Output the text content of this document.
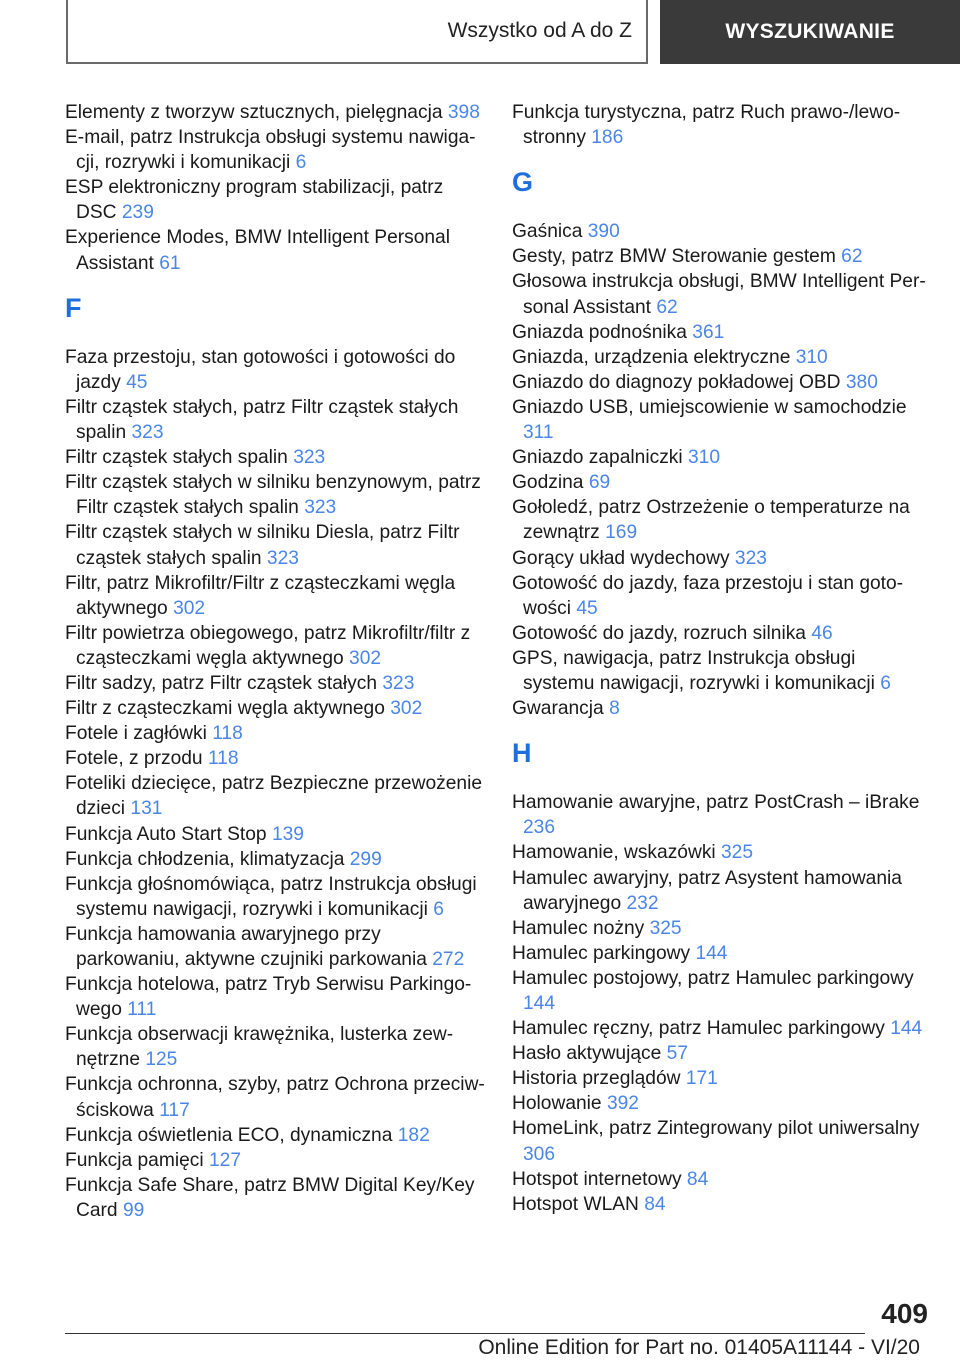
Wszystko od A do Z	WYSZUKIWANIE
Elementy z tworzyw sztucznych, pielęgnacja 398
E-mail, patrz Instrukcja obsługi systemu nawigacji, rozrywki i komunikacji 6
ESP elektroniczny program stabilizacji, patrz DSC 239
Experience Modes, BMW Intelligent Personal Assistant 61
F
Faza przestoju, stan gotowości i gotowości do jazdy 45
Filtr cząstek stałych, patrz Filtr cząstek stałych spalin 323
Filtr cząstek stałych spalin 323
Filtr cząstek stałych w silniku benzynowym, patrz Filtr cząstek stałych spalin 323
Filtr cząstek stałych w silniku Diesla, patrz Filtr cząstek stałych spalin 323
Filtr, patrz Mikrofiltr/Filtr z cząsteczkami węgla aktywnego 302
Filtr powietrza obiegowego, patrz Mikrofiltr/filtr z cząsteczkami węgla aktywnego 302
Filtr sadzy, patrz Filtr cząstek stałych 323
Filtr z cząsteczkami węgla aktywnego 302
Fotele i zagłówki 118
Fotele, z przodu 118
Foteliki dziecięce, patrz Bezpieczne przewożenie dzieci 131
Funkcja Auto Start Stop 139
Funkcja chłodzenia, klimatyzacja 299
Funkcja głośnomówiąca, patrz Instrukcja obsługi systemu nawigacji, rozrywki i komunikacji 6
Funkcja hamowania awaryjnego przy parkowaniu, aktywne czujniki parkowania 272
Funkcja hotelowa, patrz Tryb Serwisu Parkingowego 111
Funkcja obserwacji krawężnika, lusterka zewnętrzne 125
Funkcja ochronna, szyby, patrz Ochrona przeciwściskowa 117
Funkcja oświetlenia ECO, dynamiczna 182
Funkcja pamięci 127
Funkcja Safe Share, patrz BMW Digital Key/Key Card 99
Funkcja turystyczna, patrz Ruch prawo-/lewostronny 186
G
Gaśnica 390
Gesty, patrz BMW Sterowanie gestem 62
Głosowa instrukcja obsługi, BMW Intelligent Personal Assistant 62
Gniazda podnośnika 361
Gniazda, urządzenia elektryczne 310
Gniazdo do diagnozy pokładowej OBD 380
Gniazdo USB, umiejscowienie w samochodzie 311
Gniazdo zapalniczki 310
Godzina 69
Gołoledź, patrz Ostrzeżenie o temperaturze na zewnątrz 169
Gorący układ wydechowy 323
Gotowość do jazdy, faza przestoju i stan gotowości 45
Gotowość do jazdy, rozruch silnika 46
GPS, nawigacja, patrz Instrukcja obsługi systemu nawigacji, rozrywki i komunikacji 6
Gwarancja 8
H
Hamowanie awaryjne, patrz PostCrash – iBrake 236
Hamowanie, wskazówki 325
Hamulec awaryjny, patrz Asystent hamowania awaryjnego 232
Hamulec nożny 325
Hamulec parkingowy 144
Hamulec postojowy, patrz Hamulec parkingowy 144
Hamulec ręczny, patrz Hamulec parkingowy 144
Hasło aktywujące 57
Historia przeglądów 171
Holowanie 392
HomeLink, patrz Zintegrowany pilot uniwersalny 306
Hotspot internetowy 84
Hotspot WLAN 84
409
Online Edition for Part no. 01405A11144 - VI/20
